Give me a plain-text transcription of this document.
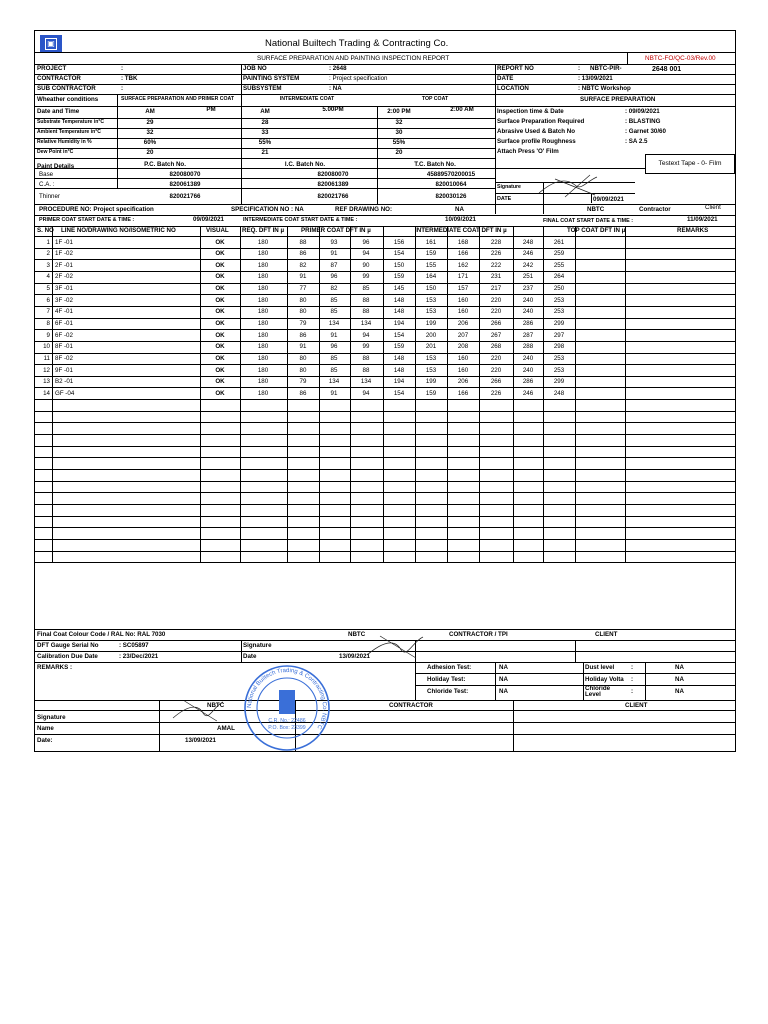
▣	National Builtech Trading & Contracting Co.
SURFACE PREPARATION AND PAINTING INSPECTION REPORT	NBTC-FO/QC-03/Rev.00
PROJECT	:
CONTRACTOR	: TBK
SUB CONTRACTOR	:
JOB NO	: 2648
PAINTING SYSTEM	: Project specification
SUBSYSTEM	: NA
REPORT NO	: NBTC-PIR-	2648 001
DATE	: 13/09/2021
LOCATION	: NBTC Workshop
Wheather conditions	SURFACE PREPARATION AND PRIMER COAT	INTERMEDIATE COAT	TOP COAT
Date and Time	AM	PM	AM	5.00PM	2:00 PM	2:00 AM
Substrate Temperature in°C	29	28	32
Ambient Temperature in°C	32	33	30
Relative Humidity in %	60%	55%	55%
Dew Point in°C	20	21	20
SURFACE PREPARATION
Inspection time & Date	: 09/09/2021
Surface Preparation Required	: BLASTING
Abrasive Used & Batch No	: Garnet 30/60
Surface profile Roughness	: SA 2.5
Attach Press 'O' Film
Testext Tape - 0- Film
Signature
DATE	09/09/2021
Paint Details	P.C. Batch No.	I.C. Batch No.	T.C. Batch No.
Base	820080070	820080070	45889570200015
C.A. :	820061389	820061389	820010064
Thinner	820021766	820021766	820030126
PROCEDURE NO: Project specification	SPECIFICATION NO : NA	REF DRAWING NO:	NA	NBTC	Contractor	Client
PRIMER COAT START DATE & TIME :	09/09/2021	INTERMEDIATE COAT START DATE & TIME :	10/09/2021	FINAL COAT START DATE & TIME :	11/09/2021
S. NO LINE NO/DRAWING NO/ISOMETRIC NO	VISUAL REQ. DFT IN µ	PRIMER COAT DFT IN µ	INTERMEDIATE COAT DFT IN µ	TOP COAT DFT IN µ	REMARKS
1 1F -01	OK	180	88	93	96	156	161	168	228	248	261
2 1F -02	OK	180	86	91	94	154	159	166	226	246	259
3 2F -01	OK	180	82	87	90	150	155	162	222	242	255
4 2F -02	OK	180	91	96	99	159	164	171	231	251	264
5 3F -01	OK	180	77	82	85	145	150	157	217	237	250
6 3F -02	OK	180	80	85	88	148	153	160	220	240	253
7 4F -01	OK	180	80	85	88	148	153	160	220	240	253
8 6F -01	OK	180	79	134	134	194	199	206	266	286	299
9 6F -02	OK	180	86	91	94	154	200	207	267	287	297
10 8F -01	OK	180	91	96	99	159	201	208	268	288	298
11 8F -02	OK	180	80	85	88	148	153	160	220	240	253
12 9F -01	OK	180	80	85	88	148	153	160	220	240	253
13 B2 -01	OK	180	79	134	134	194	199	206	266	286	299
14 GF -04	OK	180	86	91	94	154	159	166	226	246	248
Final Coat Colour Code / RAL No: RAL 7030	NBTC	CONTRACTOR / TPI	CLIENT
DFT Gauge Serial No	: SC05897	Signature
Calibration Due Date	: 23/Dec/2021	Date	13/09/2021
REMARKS :	Adhesion Test:	NA
Holiday Test:	NA
Chloride Test:	NA
Dust level	:	NA
Holiday Volta :	NA
Chloride Level	:	NA
NBTC	CONTRACTOR	CLIENT
Signature
Name	AMAL
Date:	13/09/2021
National Builtech Trading & Contracting Co. NBTC
C.R. No.: 22486
P.O. Box: 23399
